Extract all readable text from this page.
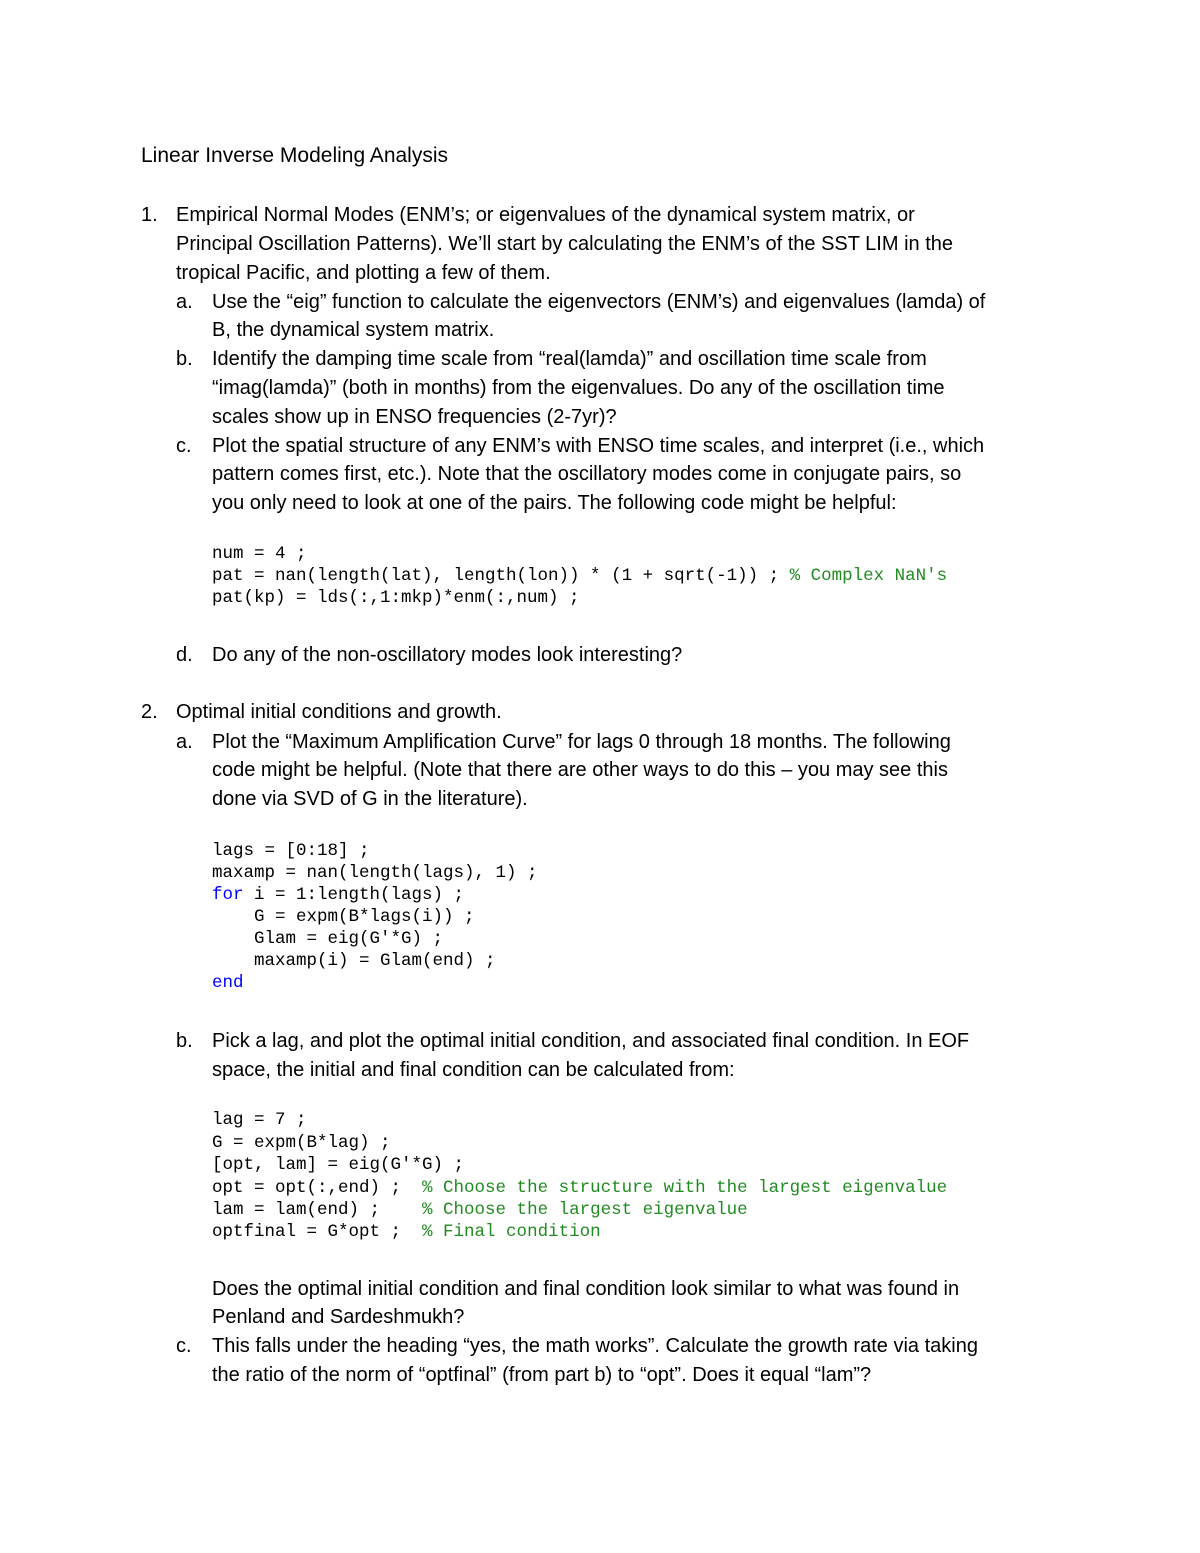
Linear Inverse Modeling Analysis
1. Empirical Normal Modes (ENM’s; or eigenvalues of the dynamical system matrix, or
Principal Oscillation Patterns). We’ll start by calculating the ENM’s of the SST LIM in the
tropical Pacific, and plotting a few of them.
a. Use the “eig” function to calculate the eigenvectors (ENM’s) and eigenvalues (lamda) of
B, the dynamical system matrix.
b. Identify the damping time scale from “real(lamda)” and oscillation time scale from
“imag(lamda)” (both in months) from the eigenvalues. Do any of the oscillation time
scales show up in ENSO frequencies (2-7yr)?
c. Plot the spatial structure of any ENM’s with ENSO time scales, and interpret (i.e., which
pattern comes first, etc.). Note that the oscillatory modes come in conjugate pairs, so
you only need to look at one of the pairs. The following code might be helpful:
num = 4 ;
pat = nan(length(lat), length(lon)) * (1 + sqrt(-1)) ; % Complex NaN's
pat(kp) = lds(:,1:mkp)*enm(:,num) ;
d. Do any of the non-oscillatory modes look interesting?
2. Optimal initial conditions and growth.
a. Plot the “Maximum Amplification Curve” for lags 0 through 18 months. The following
code might be helpful. (Note that there are other ways to do this – you may see this
done via SVD of G in the literature).
lags = [0:18] ;
maxamp = nan(length(lags), 1) ;
for i = 1:length(lags) ;
G = expm(B*lags(i)) ;
Glam = eig(G'*G) ;
maxamp(i) = Glam(end) ;
end
b. Pick a lag, and plot the optimal initial condition, and associated final condition. In EOF
space, the initial and final condition can be calculated from:
lag = 7 ;
G = expm(B*lag) ;
[opt, lam] = eig(G'*G) ;
opt = opt(:,end) ;  % Choose the structure with the largest eigenvalue
lam = lam(end) ;    % Choose the largest eigenvalue
optfinal = G*opt ;  % Final condition
Does the optimal initial condition and final condition look similar to what was found in
Penland and Sardeshmukh?
c. This falls under the heading “yes, the math works”. Calculate the growth rate via taking
the ratio of the norm of “optfinal” (from part b) to “opt”. Does it equal “lam”?
